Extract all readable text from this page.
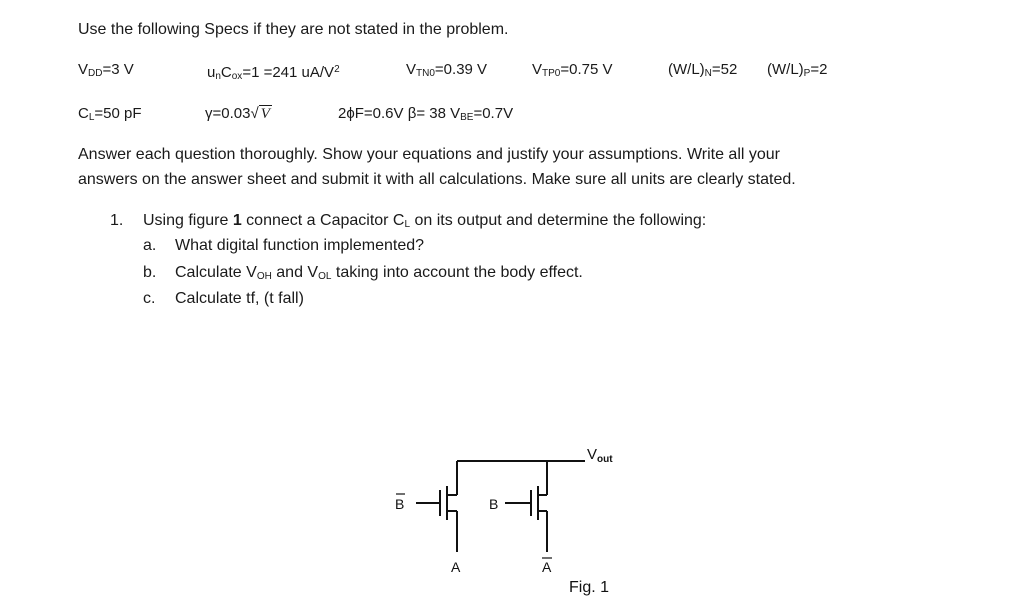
Use the following Specs if they are not stated in the problem.
$V_{DD}=3$ V	$u_nC_{ox}=1 =241$ $uA/V^2$	$V_{TN0}=0.39$ V	$V_{TP0}=0.75$ V	$(W/L)_N=52$ $(W/L)_P=2$
$C_L=50$ pF	γ=0.03√ V	2ϕF=0.6V β= 38 $V_{BE}=0.7V$
Answer each question thoroughly. Show your equations and justify your assumptions. Write all your
answers on the answer sheet and submit it with all calculations. Make sure all units are clearly stated.
1. Using figure 1 connect a Capacitor $C_L$ on its output and determine the following:
a. What digital function implemented?
b. Calculate $V_{OH}$ and $V_{OL}$ taking into account the body effect.
c. Calculate tf, (t fall)
$V_{out}$
B	B
A	A
Fig. 1
